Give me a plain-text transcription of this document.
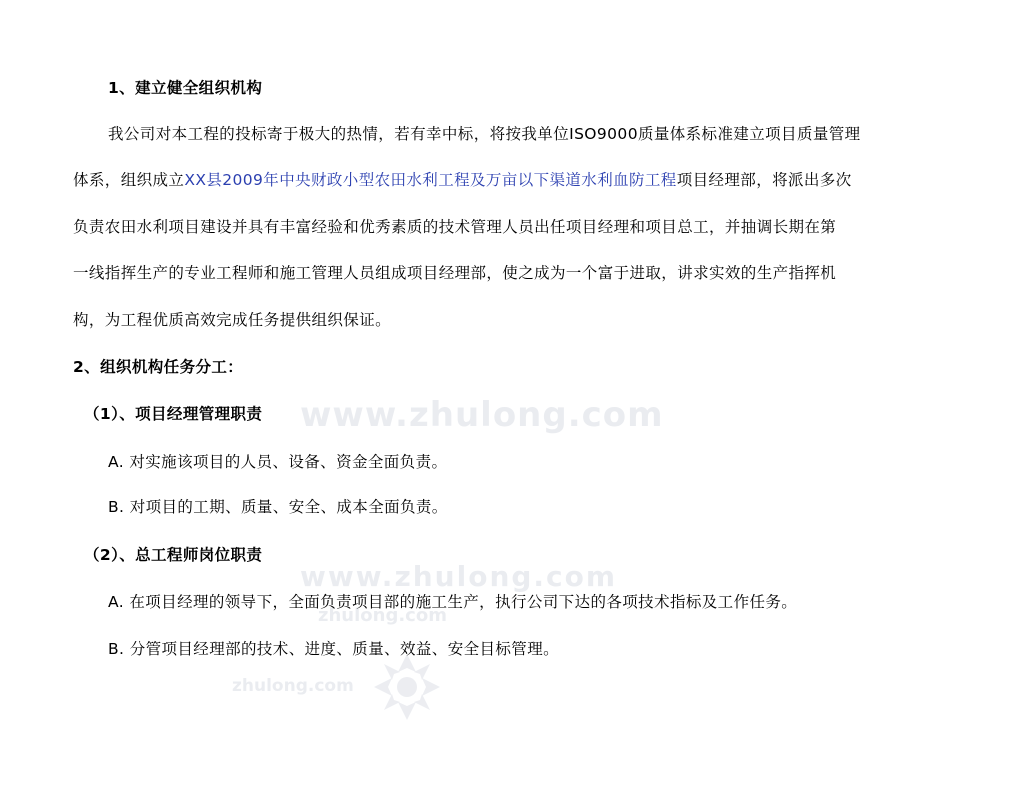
www.zhulong.com
www.zhulong.com
zhulong.com
zhulong.com
1、建立健全组织机构
我公司对本工程的投标寄于极大的热情，若有幸中标，将按我单位ISO9000质量体系标准建立项目质量管理
体系，组织成立XX县2009年中央财政小型农田水利工程及万亩以下渠道水利血防工程项目经理部，将派出多次
负责农田水利项目建设并具有丰富经验和优秀素质的技术管理人员出任项目经理和项目总工，并抽调长期在第
一线指挥生产的专业工程师和施工管理人员组成项目经理部，使之成为一个富于进取，讲求实效的生产指挥机
构，为工程优质高效完成任务提供组织保证。
2、组织机构任务分工：
（1）、项目经理管理职责
A. 对实施该项目的人员、设备、资金全面负责。
B. 对项目的工期、质量、安全、成本全面负责。
（2）、总工程师岗位职责
A. 在项目经理的领导下，全面负责项目部的施工生产，执行公司下达的各项技术指标及工作任务。
B. 分管项目经理部的技术、进度、质量、效益、安全目标管理。
